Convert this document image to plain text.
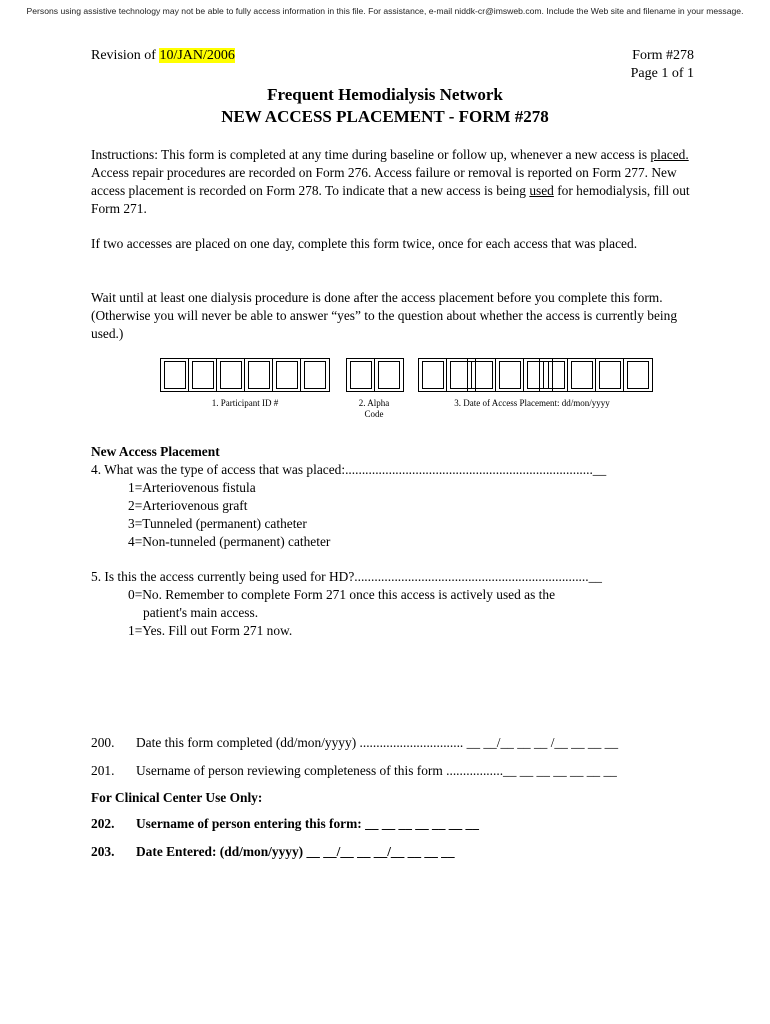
Persons using assistive technology may not be able to fully access information in this file. For assistance, e-mail niddk-cr@imsweb.com. Include the Web site and filename in your message.
Revision of 10/JAN/2006	Form #278
Page 1 of 1
Frequent Hemodialysis Network
NEW ACCESS PLACEMENT - FORM #278
Instructions: This form is completed at any time during baseline or follow up, whenever a new access is placed. Access repair procedures are recorded on Form 276. Access failure or removal is reported on Form 277. New access placement is recorded on Form 278. To indicate that a new access is being used for hemodialysis, fill out Form 271.
If two accesses are placed on one day, complete this form twice, once for each access that was placed.
Wait until at least one dialysis procedure is done after the access placement before you complete this form. (Otherwise you will never be able to answer “yes” to the question about whether the access is currently being used.)
1. Participant ID #	2. Alpha
Code
3. Date of Access Placement: dd/mon/yyyy
New Access Placement
4. What was the type of access that was placed:..........................................................................__
1=Arteriovenous fistula
2=Arteriovenous graft
3=Tunneled (permanent) catheter
4=Non-tunneled (permanent) catheter
5. Is this the access currently being used for HD?......................................................................__
0=No. Remember to complete Form 271 once this access is actively used as the
patient's main access.
1=Yes. Fill out Form 271 now.
200. Date this form completed (dd/mon/yyyy) ............................... __ __/__ __ __ /__ __ __ __
201. Username of person reviewing completeness of this form .................__ __ __ __ __ __ __
For Clinical Center Use Only:
202. Username of person entering this form: __ __ __ __ __ __ __
203. Date Entered: (dd/mon/yyyy) __ __/__ __ __/__ __ __ __
